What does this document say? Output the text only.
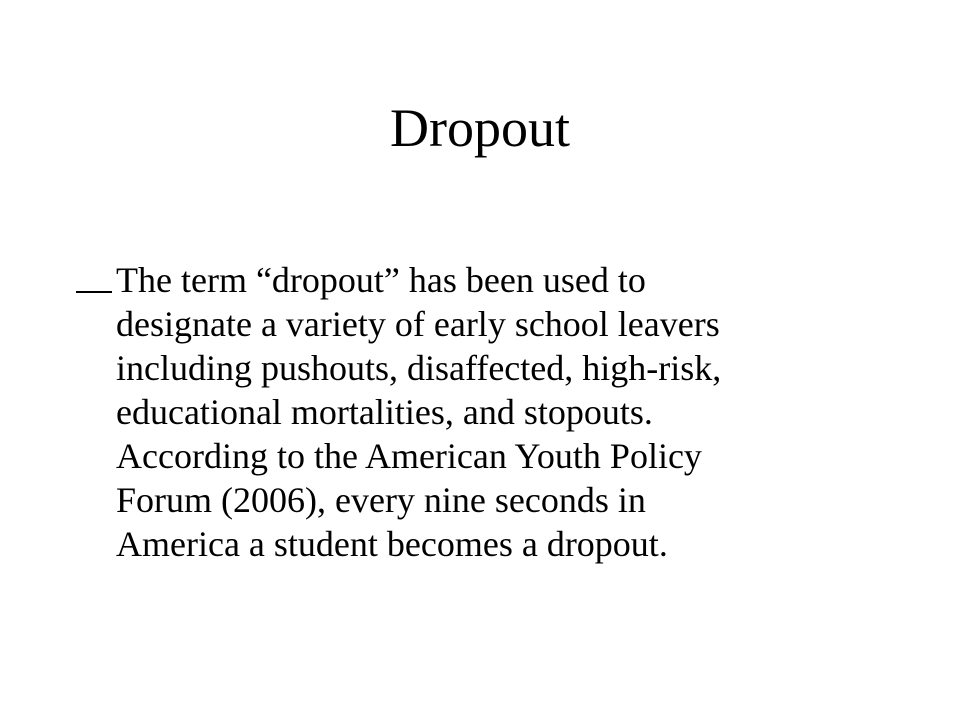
Dropout

The term “dropout” has been used to

designate a variety of early school leavers

including pushouts, disaffected, high-risk,

educational mortalities, and stopouts.

According to the American Youth Policy

Forum (2006), every nine seconds in

America a student becomes a dropout.
